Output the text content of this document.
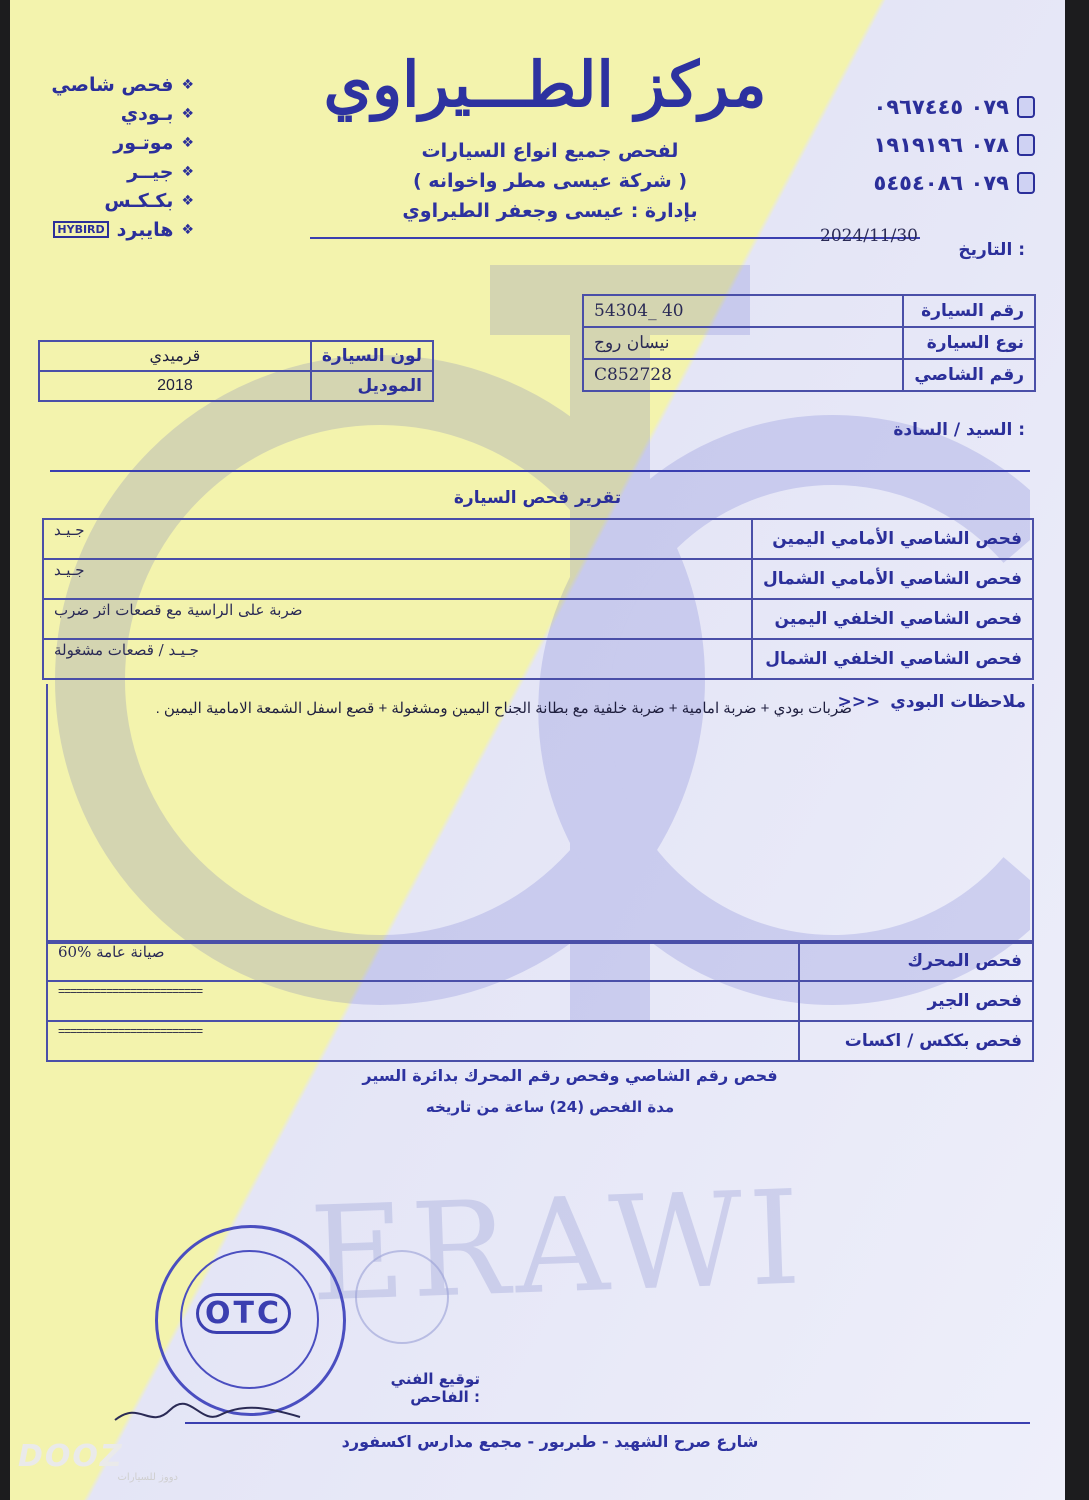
ERAWI
مركز الطـــيراوي
لفحص جميع انواع السيارات
( شركة عيسى مطر واخوانه )
بإدارة : عيسى وجعفر الطيراوي
٠٧٩ ٠٩٦٧٤٤٥
٠٧٨ ١٩١٩١٩٦
٠٧٩ ٥٤٥٤٠٨٦
❖
فحص شاصي
❖
بـودي
❖
موتـور
❖
جيــر
❖
بكـكـس
❖
هايبرد
HYBIRD
التاريخ :
2024/11/30
54304_ 40	رقم السيارة
نيسان روج	نوع السيارة
C852728	رقم الشاصي
قرميدي	لون السيارة
2018	الموديل
السيد / السادة :
تقرير فحص السيارة
جـيـد	فحص الشاصي الأمامي اليمين
جـيـد	فحص الشاصي الأمامي الشمال
ضربة على الراسية مع قصعات اثر ضرب	فحص الشاصي الخلفي اليمين
جـيـد / قصعات مشغولة	فحص الشاصي الخلفي الشمال
ملاحظات البودي
>>>
ضربات بودي + ضربة امامية + ضربة خلفية مع بطانة الجناح اليمين ومشغولة + قصع اسفل الشمعة الامامية اليمين .
60% صيانة عامة	فحص المحرك
========================	فحص الجير
========================	فحص بككس / اكسات
فحص رقم الشاصي وفحص رقم المحرك بدائرة السير
مدة الفحص (24) ساعة من تاريخه
OTC
توقيع الفني الفاحص :
شارع صرح الشهيد - طبربور - مجمع مدارس اكسفورد
DOOZ
دووز للسيارات
